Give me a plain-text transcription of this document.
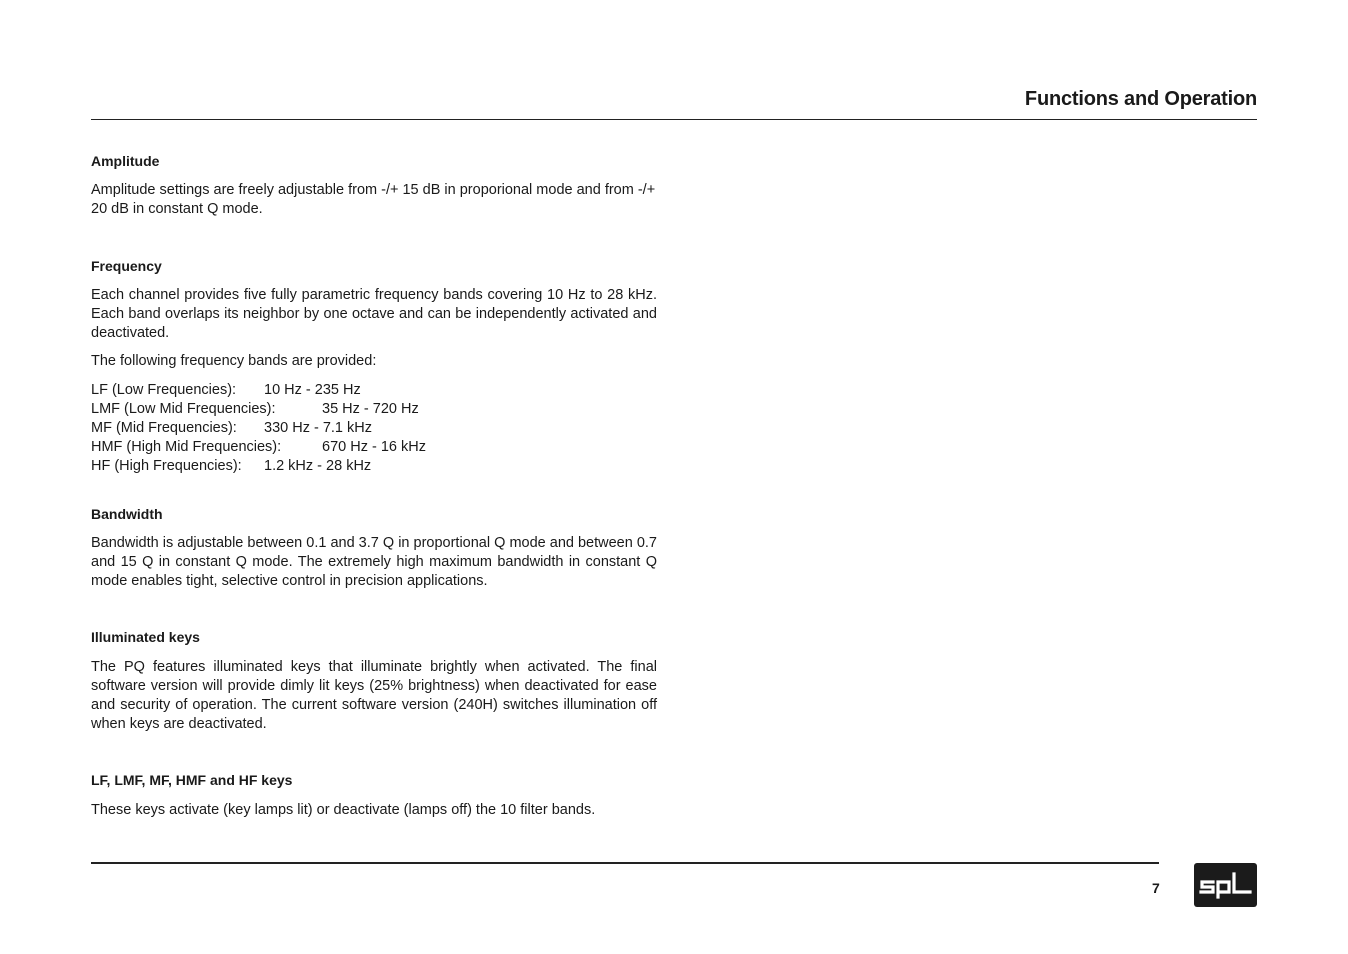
Functions and Operation
Amplitude
Amplitude settings are freely adjustable from -/+ 15 dB in proporional mode and from -/+ 20 dB in constant Q mode.
Frequency
Each channel provides five fully parametric frequency bands covering 10 Hz to 28 kHz. Each band overlaps its neighbor by one octave and can be independently activated and deactivated.
The following frequency bands are provided:
LF (Low Frequencies): 10 Hz - 235 Hz
LMF (Low Mid Frequencies):	35 Hz - 720 Hz
MF (Mid Frequencies): 330 Hz - 7.1 kHz
HMF (High Mid Frequencies):	670 Hz - 16 kHz
HF (High Frequencies): 1.2 kHz - 28 kHz
Bandwidth
Bandwidth is adjustable between 0.1 and 3.7 Q in proportional Q mode and between 0.7 and 15 Q in constant Q mode. The extremely high maximum bandwidth in constant Q mode enables tight, selective control in precision applications.
Illuminated keys
The PQ features illuminated keys that illuminate brightly when activated. The final software version will provide dimly lit keys (25% brightness) when deactivated for ease and security of operation. The current software version (240H) switches illumination off when keys are deactivated.
LF, LMF, MF, HMF and HF keys
These keys activate (key lamps lit) or deactivate (lamps off) the 10 filter bands.
7
